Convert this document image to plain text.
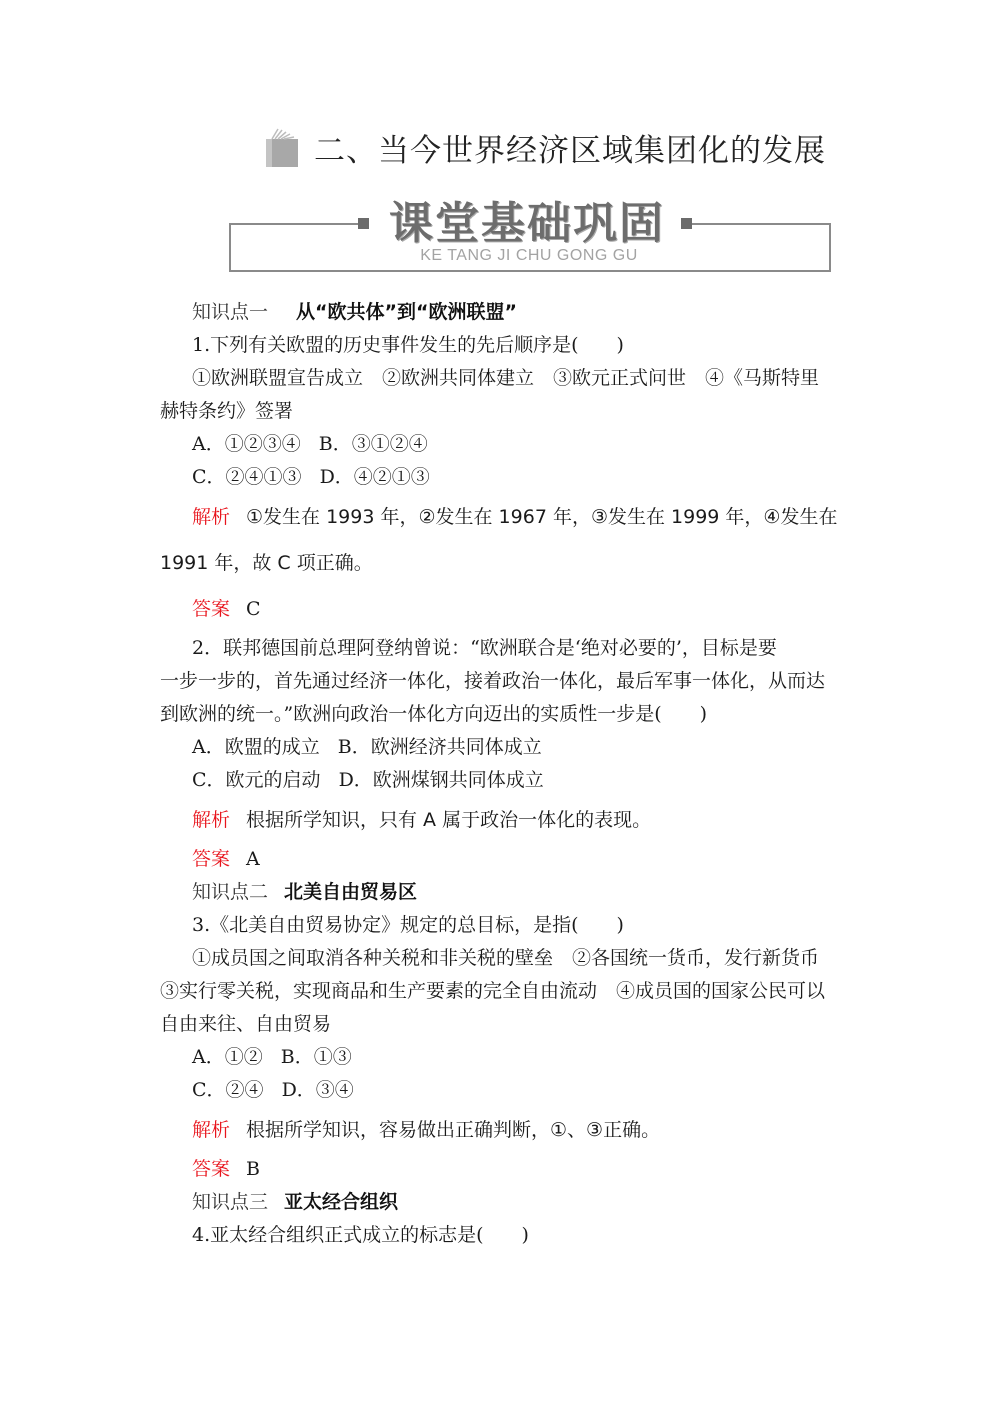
二、当今世界经济区域集团化的发展
课堂基础巩固
KE TANG JI CHU GONG GU
知识点一 从“欧共体”到“欧洲联盟”
1.下列有关欧盟的历史事件发生的先后顺序是(　　)
①欧洲联盟宣告成立　②欧洲共同体建立　③欧元正式问世　④《马斯特里
赫特条约》签署
A．①②③④ B．③①②④
C．②④①③ D．④②①③
解析 ①发生在 1993 年，②发生在 1967 年，③发生在 1999 年，④发生在
1991 年，故 C 项正确。
答案 C
2．联邦德国前总理阿登纳曾说：“欧洲联合是‘绝对必要的’，目标是要
一步一步的，首先通过经济一体化，接着政治一体化，最后军事一体化，从而达
到欧洲的统一。”欧洲向政治一体化方向迈出的实质性一步是(　　)
A．欧盟的成立 B．欧洲经济共同体成立
C．欧元的启动 D．欧洲煤钢共同体成立
解析 根据所学知识，只有 A 属于政治一体化的表现。
答案 A
知识点二 北美自由贸易区
3.《北美自由贸易协定》规定的总目标，是指(　　)
①成员国之间取消各种关税和非关税的壁垒　②各国统一货币，发行新货币
③实行零关税，实现商品和生产要素的完全自由流动　④成员国的国家公民可以
自由来往、自由贸易
A．①② B．①③
C．②④ D．③④
解析 根据所学知识，容易做出正确判断，①、③正确。
答案 B
知识点三 亚太经合组织
4.亚太经合组织正式成立的标志是(　　)
